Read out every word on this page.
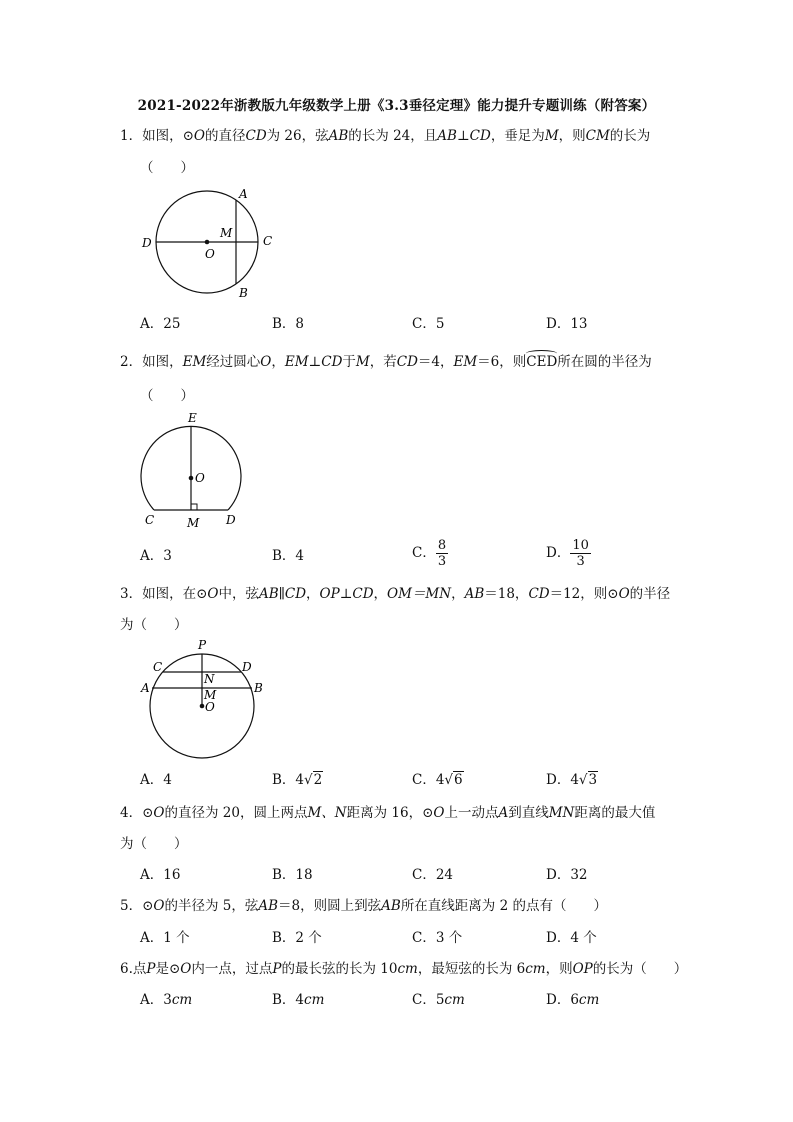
2021-2022年浙教版九年级数学上册《3.3垂径定理》能力提升专题训练（附答案）
1．如图，⊙O的直径CD为 26，弦AB的长为 24，且AB⊥CD，垂足为M，则CM的长为
（　　）
A
B
C
D
M
O
A．25	B．8	C．5	D．13
2．如图，EM经过圆心O，EM⊥CD于M，若CD＝4，EM＝6，则CED所在圆的半径为
（　　）
E
O
C	M D
A．3	B．4	C． $\frac{8}{3}$	D． $\frac{10}{3}$
3．如图，在⊙O中，弦AB∥CD，OP⊥CD，OM＝MN，AB＝18，CD＝12，则⊙O的半径
为（　　）
P
C	D
N
A	B
M
O
A．4	B．4√2	C．4√6	D．4√3
4．⊙O的直径为 20，圆上两点M、N距离为 16，⊙O上一动点A到直线MN距离的最大值
为（　　）
A．16	B．18	C．24	D．32
5．⊙O的半径为 5，弦AB＝8，则圆上到弦AB所在直线距离为 2 的点有（　　）
A．1 个	B．2 个	C．3 个	D．4 个
6.点P是⊙O内一点，过点P的最长弦的长为 10cm，最短弦的长为 6cm，则OP的长为（　　）
A．3cm	B．4cm	C．5cm	D．6cm
